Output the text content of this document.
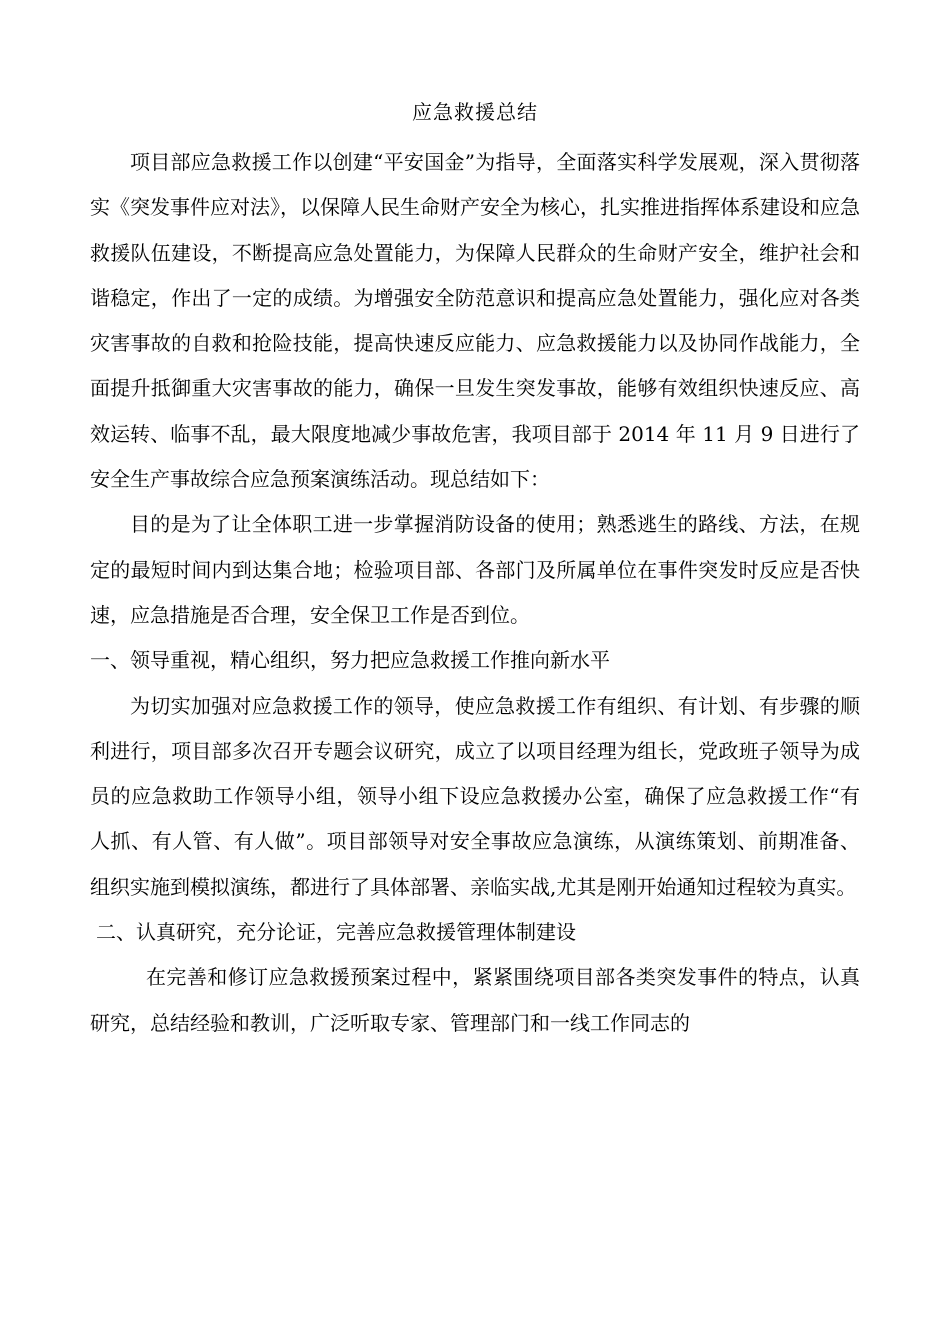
应急救援总结

项目部应急救援工作以创建“平安国金”为指导，全面落实科学发展观，深入贯彻落实《突发事件应对法》，以保障人民生命财产安全为核心，扎实推进指挥体系建设和应急救援队伍建设，不断提高应急处置能力，为保障人民群众的生命财产安全，维护社会和谐稳定，作出了一定的成绩。为增强安全防范意识和提高应急处置能力，强化应对各类灾害事故的自救和抢险技能，提高快速反应能力、应急救援能力以及协同作战能力，全面提升抵御重大灾害事故的能力，确保一旦发生突发事故，能够有效组织快速反应、高效运转、临事不乱，最大限度地减少事故危害，我项目部于 2014 年 11 月 9 日进行了安全生产事故综合应急预案演练活动。现总结如下：

目的是为了让全体职工进一步掌握消防设备的使用；熟悉逃生的路线、方法，在规定的最短时间内到达集合地；检验项目部、各部门及所属单位在事件突发时反应是否快速，应急措施是否合理，安全保卫工作是否到位。

一、领导重视，精心组织，努力把应急救援工作推向新水平

为切实加强对应急救援工作的领导，使应急救援工作有组织、有计划、有步骤的顺利进行，项目部多次召开专题会议研究，成立了以项目经理为组长，党政班子领导为成员的应急救助工作领导小组，领导小组下设应急救援办公室，确保了应急救援工作“有人抓、有人管、有人做”。项目部领导对安全事故应急演练，从演练策划、前期准备、组织实施到模拟演练，都进行了具体部署、亲临实战,尤其是刚开始通知过程较为真实。

二、认真研究，充分论证，完善应急救援管理体制建设

在完善和修订应急救援预案过程中，紧紧围绕项目部各类突发事件的特点，认真研究，总结经验和教训，广泛听取专家、管理部门和一线工作同志的
